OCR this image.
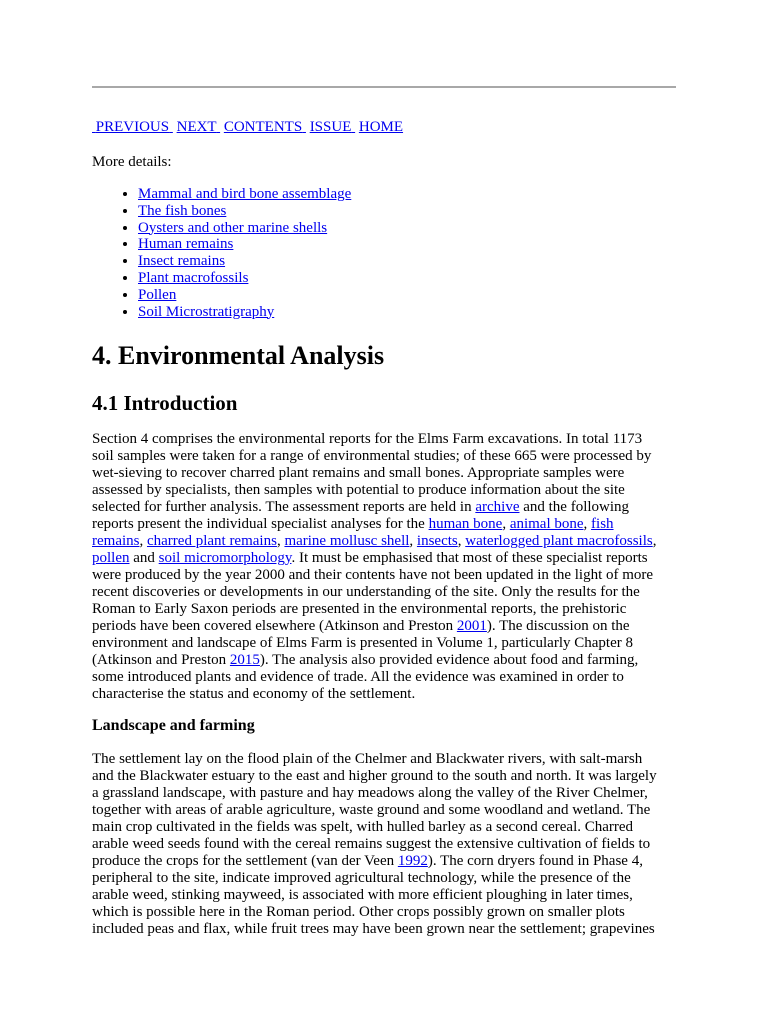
PREVIOUS NEXT CONTENTS ISSUE HOME
More details:
• Mammal and bird bone assemblage
• The fish bones
• Oysters and other marine shells
• Human remains
• Insect remains
• Plant macrofossils
• Pollen
• Soil Microstratigraphy
4. Environmental Analysis
4.1 Introduction

Section 4 comprises the environmental reports for the Elms Farm excavations. In total 1173
soil samples were taken for a range of environmental studies; of these 665 were processed by
wet-sieving to recover charred plant remains and small bones. Appropriate samples were
assessed by specialists, then samples with potential to produce information about the site
selected for further analysis. The assessment reports are held in archive and the following
reports present the individual specialist analyses for the human bone, animal bone, fish
remains, charred plant remains, marine mollusc shell, insects, waterlogged plant macrofossils,
pollen and soil micromorphology. It must be emphasised that most of these specialist reports
were produced by the year 2000 and their contents have not been updated in the light of more
recent discoveries or developments in our understanding of the site. Only the results for the
Roman to Early Saxon periods are presented in the environmental reports, the prehistoric
periods have been covered elsewhere (Atkinson and Preston 2001). The discussion on the
environment and landscape of Elms Farm is presented in Volume 1, particularly Chapter 8
(Atkinson and Preston 2015). The analysis also provided evidence about food and farming,
some introduced plants and evidence of trade. All the evidence was examined in order to
characterise the status and economy of the settlement.

Landscape and farming

The settlement lay on the flood plain of the Chelmer and Blackwater rivers, with salt-marsh
and the Blackwater estuary to the east and higher ground to the south and north. It was largely
a grassland landscape, with pasture and hay meadows along the valley of the River Chelmer,
together with areas of arable agriculture, waste ground and some woodland and wetland. The
main crop cultivated in the fields was spelt, with hulled barley as a second cereal. Charred
arable weed seeds found with the cereal remains suggest the extensive cultivation of fields to
produce the crops for the settlement (van der Veen 1992). The corn dryers found in Phase 4,
peripheral to the site, indicate improved agricultural technology, while the presence of the
arable weed, stinking mayweed, is associated with more efficient ploughing in later times,
which is possible here in the Roman period. Other crops possibly grown on smaller plots
included peas and flax, while fruit trees may have been grown near the settlement; grapevines
